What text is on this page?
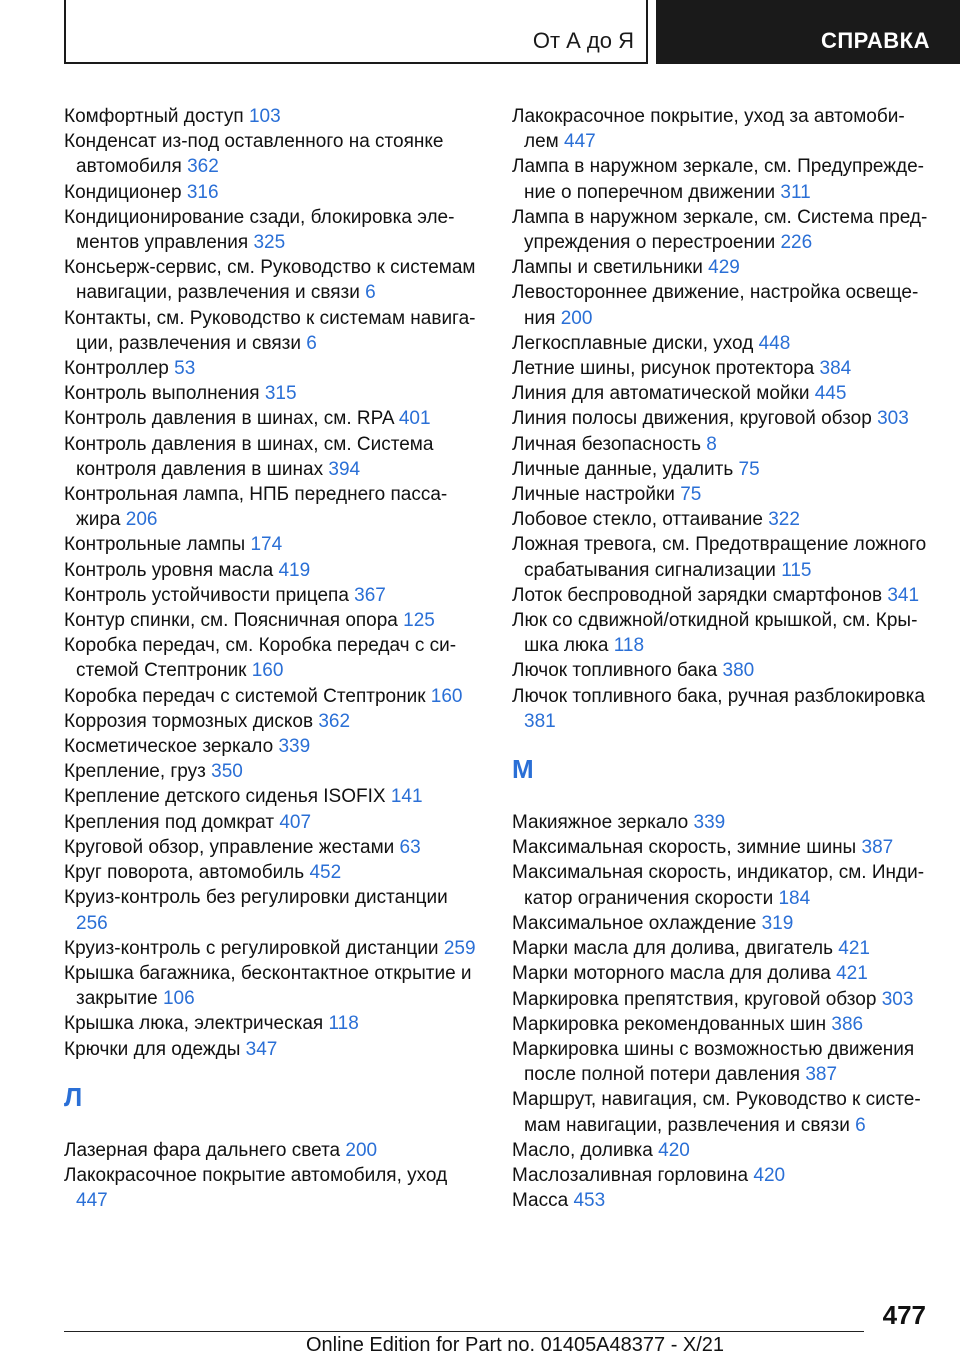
От А до Я	СПРАВКА

Комфортный доступ 103

Конденсат из-под оставленного на стоянке автомобиля 362

Кондиционер 316

Кондиционирование сзади, блокировка элементов управления 325

Консьерж-сервис, см. Руководство к системам навигации, развлечения и связи 6

Контакты, см. Руководство к системам навигации, развлечения и связи 6

Контроллер 53

Контроль выполнения 315

Контроль давления в шинах, см. RPA 401

Контроль давления в шинах, см. Система контроля давления в шинах 394

Контрольная лампа, НПБ переднего пассажира 206

Контрольные лампы 174

Контроль уровня масла 419

Контроль устойчивости прицепа 367

Контур спинки, см. Поясничная опора 125

Коробка передач, см. Коробка передач с системой Стептроник 160

Коробка передач с системой Стептроник 160

Коррозия тормозных дисков 362

Косметическое зеркало 339

Крепление, груз 350

Крепление детского сиденья ISOFIX 141

Крепления под домкрат 407

Круговой обзор, управление жестами 63

Круг поворота, автомобиль 452

Круиз-контроль без регулировки дистанции 256

Круиз-контроль с регулировкой дистанции 259

Крышка багажника, бесконтактное открытие и закрытие 106

Крышка люка, электрическая 118

Крючки для одежды 347

Л

Лазерная фара дальнего света 200

Лакокрасочное покрытие автомобиля, уход 447

Лакокрасочное покрытие, уход за автомобилем 447

Лампа в наружном зеркале, см. Предупреждение о поперечном движении 311

Лампа в наружном зеркале, см. Система предупреждения о перестроении 226

Лампы и светильники 429

Левостороннее движение, настройка освещения 200

Легкосплавные диски, уход 448

Летние шины, рисунок протектора 384

Линия для автоматической мойки 445

Линия полосы движения, круговой обзор 303

Личная безопасность 8

Личные данные, удалить 75

Личные настройки 75

Лобовое стекло, оттаивание 322

Ложная тревога, см. Предотвращение ложного срабатывания сигнализации 115

Лоток беспроводной зарядки смартфонов 341

Люк со сдвижной/откидной крышкой, см. Крышка люка 118

Лючок топливного бака 380

Лючок топливного бака, ручная разблокировка 381

М

Макияжное зеркало 339

Максимальная скорость, зимние шины 387

Максимальная скорость, индикатор, см. Индикатор ограничения скорости 184

Максимальное охлаждение 319

Марки масла для долива, двигатель 421

Марки моторного масла для долива 421

Маркировка препятствия, круговой обзор 303

Маркировка рекомендованных шин 386

Маркировка шины с возможностью движения после полной потери давления 387

Маршрут, навигация, см. Руководство к системам навигации, развлечения и связи 6

Масло, доливка 420

Маслозаливная горловина 420

Масса 453

477
Online Edition for Part no. 01405A48377 - X/21
